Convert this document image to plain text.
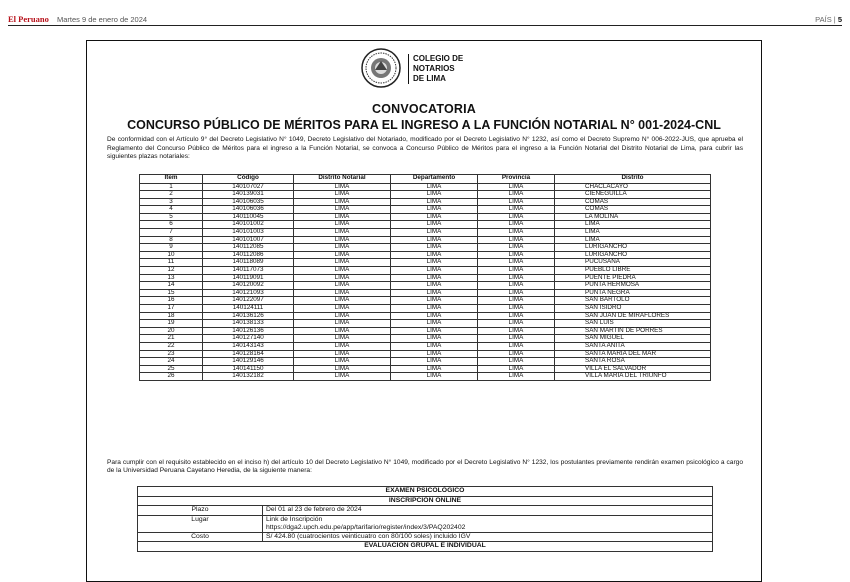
El Peruano Martes 9 de enero de 2024	PAÍS | 5
COLEGIO DE
NOTARIOS
DE LIMA
CONVOCATORIA
CONCURSO PÚBLICO DE MÉRITOS PARA EL INGRESO A LA FUNCIÓN NOTARIAL N° 001-2024-CNL
De conformidad con el Artículo 9° del Decreto Legislativo N° 1049, Decreto Legislativo del Notariado, modificado por el Decreto Legislativo N° 1232, así como el Decreto Supremo N° 006-2022-JUS, que aprueba el Reglamento del Concurso Público de Méritos para el ingreso a la Función Notarial, se convoca a Concurso Público de Méritos para el ingreso a la Función Notarial del Distrito Notarial de Lima, para cubrir las siguientes plazas notariales:
Item	Código	Distrito Notarial	Departamento	Provincia	Distrito
1	140107027	LIMA	LIMA	LIMA	CHACLACAYO
2	140139031	LIMA	LIMA	LIMA	CIENEGUILLA
3	140106035	LIMA	LIMA	LIMA	COMAS
4	140106036	LIMA	LIMA	LIMA	COMAS
5	140110045	LIMA	LIMA	LIMA	LA MOLINA
6	140101002	LIMA	LIMA	LIMA	LIMA
7	140101003	LIMA	LIMA	LIMA	LIMA
8	140101007	LIMA	LIMA	LIMA	LIMA
9	140112085	LIMA	LIMA	LIMA	LURIGANCHO
10	140112086	LIMA	LIMA	LIMA	LURIGANCHO
11	140118089	LIMA	LIMA	LIMA	PUCUSANA
12	140117073	LIMA	LIMA	LIMA	PUEBLO LIBRE
13	140119091	LIMA	LIMA	LIMA	PUENTE PIEDRA
14	140120092	LIMA	LIMA	LIMA	PUNTA HERMOSA
15	140121093	LIMA	LIMA	LIMA	PUNTA NEGRA
16	140122097	LIMA	LIMA	LIMA	SAN BARTOLO
17	140124111	LIMA	LIMA	LIMA	SAN ISIDRO
18	140136126	LIMA	LIMA	LIMA	SAN JUAN DE MIRAFLORES
19	140138133	LIMA	LIMA	LIMA	SAN LUIS
20	140126136	LIMA	LIMA	LIMA	SAN MARTIN DE PORRES
21	140127140	LIMA	LIMA	LIMA	SAN MIGUEL
22	140143143	LIMA	LIMA	LIMA	SANTA ANITA
23	140128164	LIMA	LIMA	LIMA	SANTA MARIA DEL MAR
24	140129146	LIMA	LIMA	LIMA	SANTA ROSA
25	140141150	LIMA	LIMA	LIMA	VILLA EL SALVADOR
26	140132182	LIMA	LIMA	LIMA	VILLA MARIA DEL TRIUNFO
Para cumplir con el requisito establecido en el inciso h) del artículo 10 del Decreto Legislativo N° 1049, modificado por el Decreto Legislativo N° 1232, los postulantes previamente rendirán examen psicológico a cargo de la Universidad Peruana Cayetano Heredia, de la siguiente manera:
EXAMEN PSICOLÓGICO	
INSCRIPCIÓN ONLINE	
Plazo	Del 01 al 23 de febrero de 2024
Lugar	Link de Inscripción
https://dga2.upch.edu.pe/app/tarifario/register/index/3/PAQ202402

Costo	S/ 424.80 (cuatrocientos veinticuatro con 80/100 soles) incluido IGV
EVALUACIÓN GRUPAL E INDIVIDUAL	
